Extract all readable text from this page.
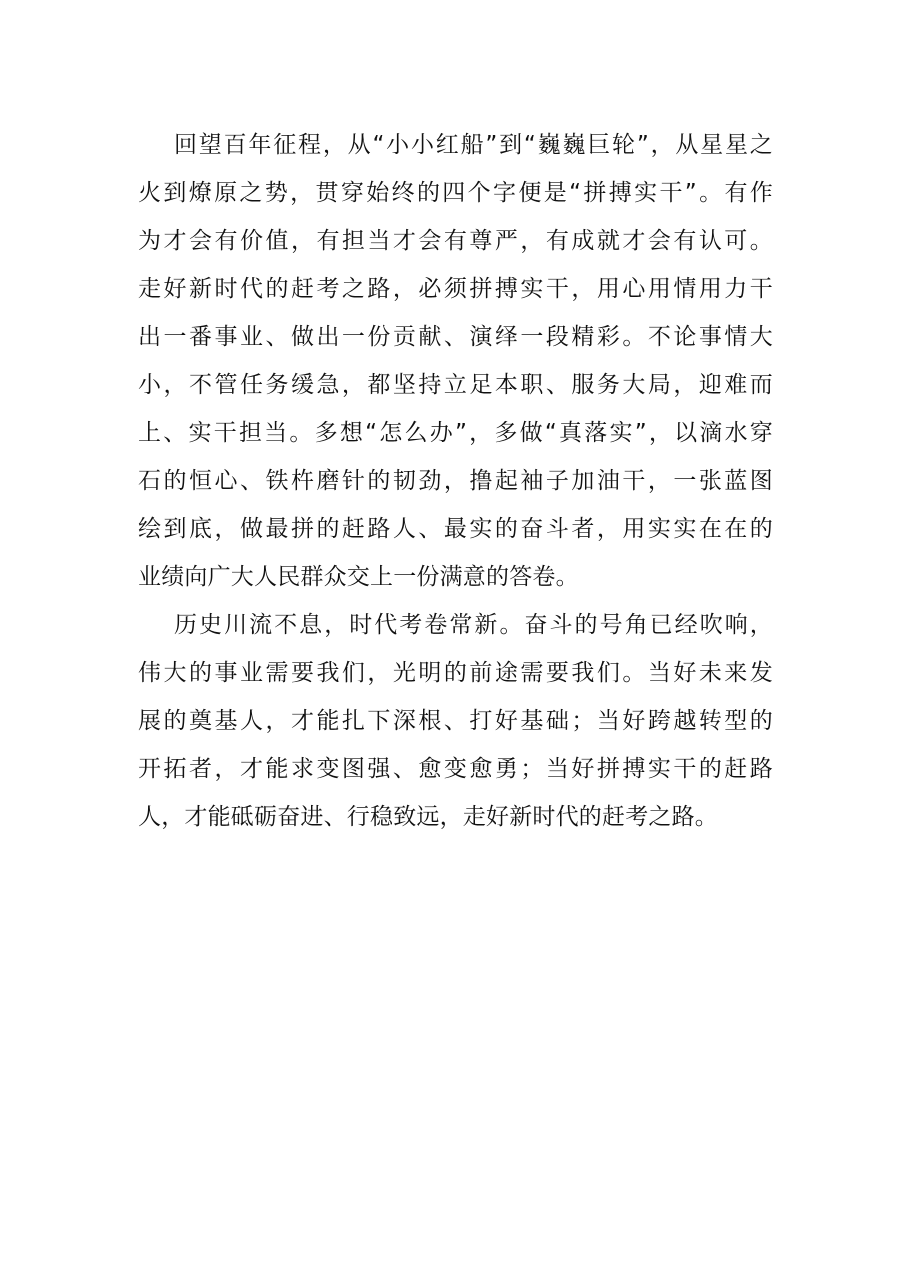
回望百年征程，从“小小红船”到“巍巍巨轮”，从星星之
火到燎原之势，贯穿始终的四个字便是“拼搏实干”。有作
为才会有价值，有担当才会有尊严，有成就才会有认可。
走好新时代的赶考之路，必须拼搏实干，用心用情用力干
出一番事业、做出一份贡献、演绎一段精彩。不论事情大
小，不管任务缓急，都坚持立足本职、服务大局，迎难而
上、实干担当。多想“怎么办”，多做“真落实”，以滴水穿
石的恒心、铁杵磨针的韧劲，撸起袖子加油干，一张蓝图
绘到底，做最拼的赶路人、最实的奋斗者，用实实在在的
业绩向广大人民群众交上一份满意的答卷。
历史川流不息，时代考卷常新。奋斗的号角已经吹响，
伟大的事业需要我们，光明的前途需要我们。当好未来发
展的奠基人，才能扎下深根、打好基础；当好跨越转型的
开拓者，才能求变图强、愈变愈勇；当好拼搏实干的赶路
人，才能砥砺奋进、行稳致远，走好新时代的赶考之路。
